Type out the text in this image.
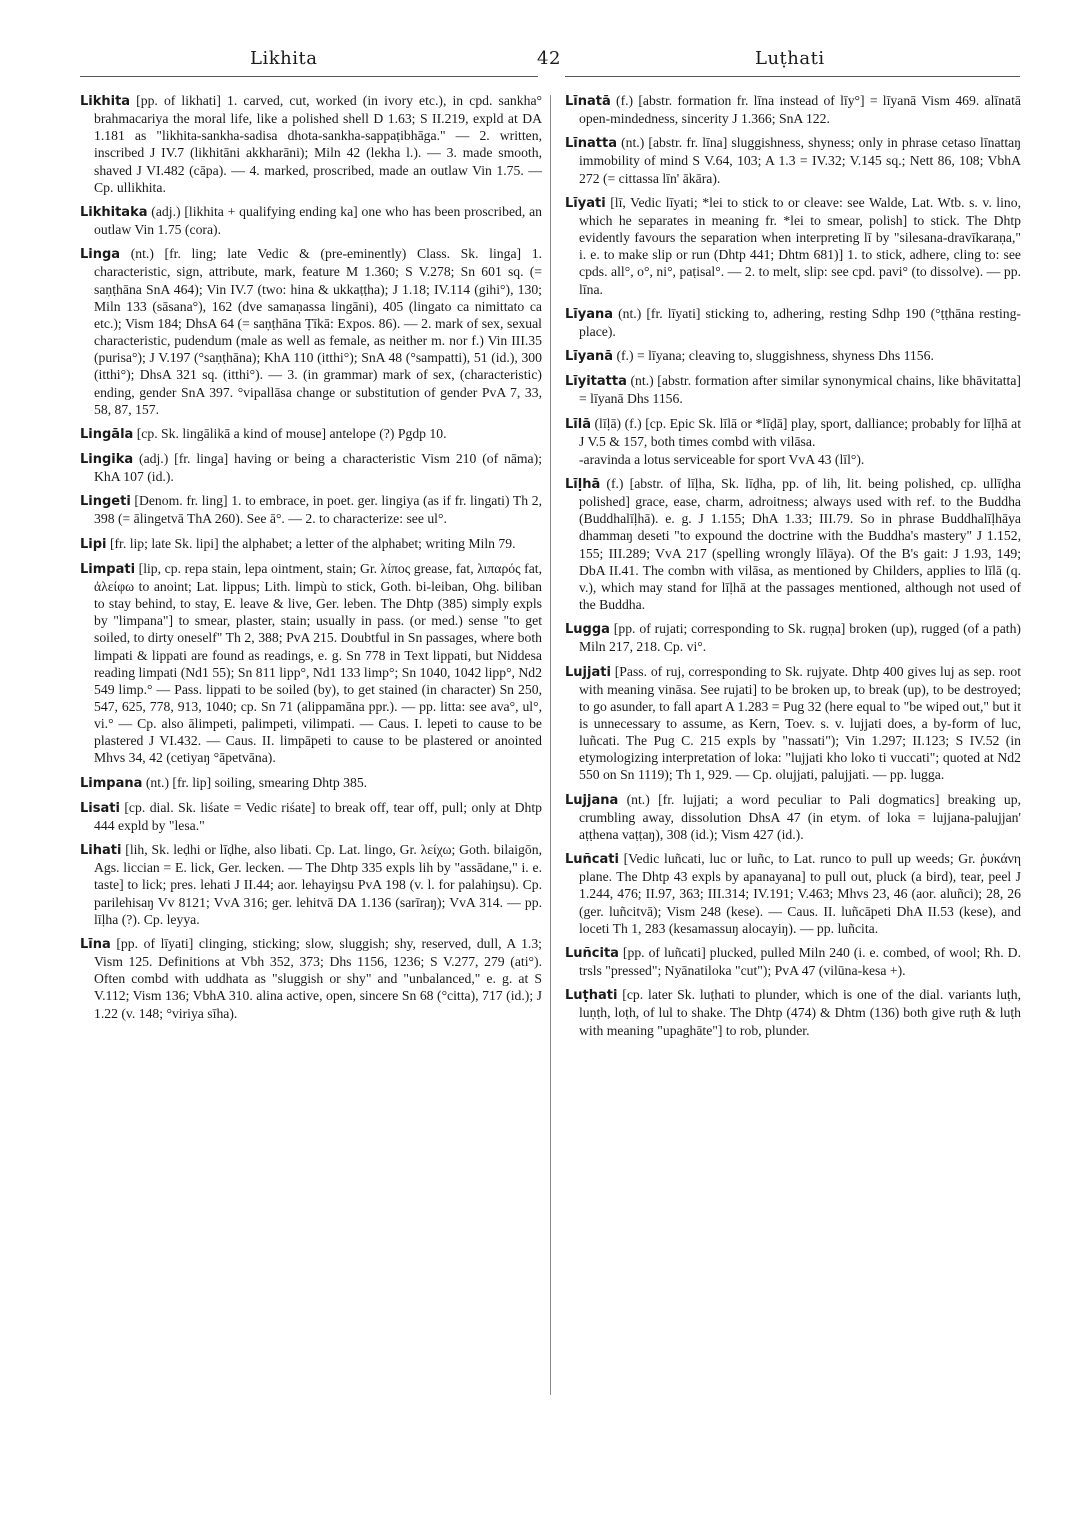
Likhita	42	Luṭhati

Likhita [pp. of likhati] 1. carved, cut, worked (in ivory etc.), in cpd. sankha° brahmacariya the moral life, like a polished shell D 1.63; S II.219, expld at DA 1.181 as "likhita-sankha-sadisa dhota-sankha-sappaṭibhāga." — 2. written, inscribed J IV.7 (likhitāni akkharāni); Miln 42 (lekha l.). — 3. made smooth, shaved J VI.482 (cāpa). — 4. marked, proscribed, made an outlaw Vin 1.75. — Cp. ullikhita.

Likhitaka (adj.) [likhita + qualifying ending ka] one who has been proscribed, an outlaw Vin 1.75 (cora).

Linga (nt.) [fr. ling; late Vedic & (pre-eminently) Class. Sk. linga] 1. characteristic, sign, attribute, mark, feature M 1.360; S V.278; Sn 601 sq. (= saṇṭhāna SnA 464); Vin IV.7 (two: hina & ukkaṭṭha); J 1.18; IV.114 (gihi°), 130; Miln 133 (sāsana°), 162 (dve samaṇassa lingāni), 405 (lingato ca nimittato ca etc.); Vism 184; DhsA 64 (= saṇṭhāna Ṭīkā: Expos. 86). — 2. mark of sex, sexual characteristic, pudendum (male as well as female, as neither m. nor f.) Vin III.35 (purisa°); J V.197 (°saṇṭhāna); KhA 110 (itthi°); SnA 48 (°sampatti), 51 (id.), 300 (itthi°); DhsA 321 sq. (itthi°). — 3. (in grammar) mark of sex, (characteristic) ending, gender SnA 397. °vipallāsa change or substitution of gender PvA 7, 33, 58, 87, 157.

Lingāla [cp. Sk. lingālikā a kind of mouse] antelope (?) Pgdp 10.

Lingika (adj.) [fr. linga] having or being a characteristic Vism 210 (of nāma); KhA 107 (id.).

Lingeti [Denom. fr. ling] 1. to embrace, in poet. ger. lingiya (as if fr. lingati) Th 2, 398 (= ālingetvā ThA 260). See ā°. — 2. to characterize: see ul°.

Lipi [fr. lip; late Sk. lipi] the alphabet; a letter of the alphabet; writing Miln 79.

Limpati [lip, cp. repa stain, lepa ointment, stain; Gr. λίπος grease, fat, λιπαρός fat, ἀλείφω to anoint; Lat. lippus; Lith. limpù to stick, Goth. bi-leiban, Ohg. biliban to stay behind, to stay, E. leave & live, Ger. leben. The Dhtp (385) simply expls by "limpana"] to smear, plaster, stain; usually in pass. (or med.) sense "to get soiled, to dirty oneself" Th 2, 388; PvA 215. Doubtful in Sn passages, where both limpati & lippati are found as readings, e. g. Sn 778 in Text lippati, but Niddesa reading limpati (Nd1 55); Sn 811 lipp°, Nd1 133 limp°; Sn 1040, 1042 lipp°, Nd2 549 limp.° — Pass. lippati to be soiled (by), to get stained (in character) Sn 250, 547, 625, 778, 913, 1040; cp. Sn 71 (alippamāna ppr.). — pp. litta: see ava°, ul°, vi.° — Cp. also ālimpeti, palimpeti, vilimpati. — Caus. I. lepeti to cause to be plastered J VI.432. — Caus. II. limpāpeti to cause to be plastered or anointed Mhvs 34, 42 (cetiyaŋ °āpetvāna).

Limpana (nt.) [fr. lip] soiling, smearing Dhtp 385.

Lisati [cp. dial. Sk. liśate = Vedic riśate] to break off, tear off, pull; only at Dhtp 444 expld by "lesa."

Lihati [lih, Sk. leḍhi or līḍhe, also libati. Cp. Lat. lingo, Gr. λείχω; Goth. bilaigōn, Ags. liccian = E. lick, Ger. lecken. — The Dhtp 335 expls lih by "assādane," i. e. taste] to lick; pres. lehati J II.44; aor. lehayiŋsu PvA 198 (v. l. for palahiŋsu). Cp. parilehisaŋ Vv 8121; VvA 316; ger. lehitvā DA 1.136 (sarīraŋ); VvA 314. — pp. līḷha (?). Cp. leyya.

Līna [pp. of līyati] clinging, sticking; slow, sluggish; shy, reserved, dull, A 1.3; Vism 125. Definitions at Vbh 352, 373; Dhs 1156, 1236; S V.277, 279 (ati°). Often combd with uddhata as "sluggish or shy" and "unbalanced," e. g. at S V.112; Vism 136; VbhA 310. alina active, open, sincere Sn 68 (°citta), 717 (id.); J 1.22 (v. 148; °viriya sīha).

Līnatā (f.) [abstr. formation fr. līna instead of līy°] = līyanā Vism 469. alīnatā open-mindedness, sincerity J 1.366; SnA 122.

Līnatta (nt.) [abstr. fr. līna] sluggishness, shyness; only in phrase cetaso līnattaŋ immobility of mind S V.64, 103; A 1.3 = IV.32; V.145 sq.; Nett 86, 108; VbhA 272 (= cittassa līn' ākāra).

Līyati [lī, Vedic līyati; *lei to stick to or cleave: see Walde, Lat. Wtb. s. v. lino, which he separates in meaning fr. *lei to smear, polish] to stick. The Dhtp evidently favours the separation when interpreting lī by "silesana-dravīkaraṇa," i. e. to make slip or run (Dhtp 441; Dhtm 681)] 1. to stick, adhere, cling to: see cpds. all°, o°, ni°, paṭisal°. — 2. to melt, slip: see cpd. pavi° (to dissolve). — pp. līna.

Līyana (nt.) [fr. līyati] sticking to, adhering, resting Sdhp 190 (°ṭṭhāna resting-place).

Līyanā (f.) = līyana; cleaving to, sluggishness, shyness Dhs 1156.

Līyitatta (nt.) [abstr. formation after similar synonymical chains, like bhāvitatta] = līyanā Dhs 1156.

Līlā (līḷā) (f.) [cp. Epic Sk. līlā or *līḍā] play, sport, dalliance; probably for līḷhā at J V.5 & 157, both times combd with vilāsa.

-aravinda a lotus serviceable for sport VvA 43 (līl°).

Līḷhā (f.) [abstr. of līḷha, Sk. līḍha, pp. of lih, lit. being polished, cp. ullīḍha polished] grace, ease, charm, adroitness; always used with ref. to the Buddha (Buddhalīḷhā). e. g. J 1.155; DhA 1.33; III.79. So in phrase Buddhalīḷhāya dhammaŋ deseti "to expound the doctrine with the Buddha's mastery" J 1.152, 155; III.289; VvA 217 (spelling wrongly līlāya). Of the B's gait: J 1.93, 149; DbA II.41. The combn with vilāsa, as mentioned by Childers, applies to līlā (q. v.), which may stand for līḷhā at the passages mentioned, although not used of the Buddha.

Lugga [pp. of rujati; corresponding to Sk. rugṇa] broken (up), rugged (of a path) Miln 217, 218. Cp. vi°.

Lujjati [Pass. of ruj, corresponding to Sk. rujyate. Dhtp 400 gives luj as sep. root with meaning vināsa. See rujati] to be broken up, to break (up), to be destroyed; to go asunder, to fall apart A 1.283 = Pug 32 (here equal to "be wiped out," but it is unnecessary to assume, as Kern, Toev. s. v. lujjati does, a by-form of luc, luñcati. The Pug C. 215 expls by "nassati"); Vin 1.297; II.123; S IV.52 (in etymologizing interpretation of loka: "lujjati kho loko ti vuccati"; quoted at Nd2 550 on Sn 1119); Th 1, 929. — Cp. olujjati, palujjati. — pp. lugga.

Lujjana (nt.) [fr. lujjati; a word peculiar to Pali dogmatics] breaking up, crumbling away, dissolution DhsA 47 (in etym. of loka = lujjana-palujjan' aṭṭhena vaṭṭaŋ), 308 (id.); Vism 427 (id.).

Luñcati [Vedic luñcati, luc or luñc, to Lat. runco to pull up weeds; Gr. ῥυκάνη plane. The Dhtp 43 expls by apanayana] to pull out, pluck (a bird), tear, peel J 1.244, 476; II.97, 363; III.314; IV.191; V.463; Mhvs 23, 46 (aor. aluñci); 28, 26 (ger. luñcitvā); Vism 248 (kese). — Caus. II. luñcāpeti DhA II.53 (kese), and loceti Th 1, 283 (kesamassuŋ alocayiŋ). — pp. luñcita.

Luñcita [pp. of luñcati] plucked, pulled Miln 240 (i. e. combed, of wool; Rh. D. trsls "pressed"; Nyānatiloka "cut"); PvA 47 (vilūna-kesa +).

Luṭhati [cp. later Sk. luṭhati to plunder, which is one of the dial. variants luṭh, luṇṭh, loṭh, of lul to shake. The Dhtp (474) & Dhtm (136) both give ruṭh & luṭh with meaning "upaghāte"] to rob, plunder.
